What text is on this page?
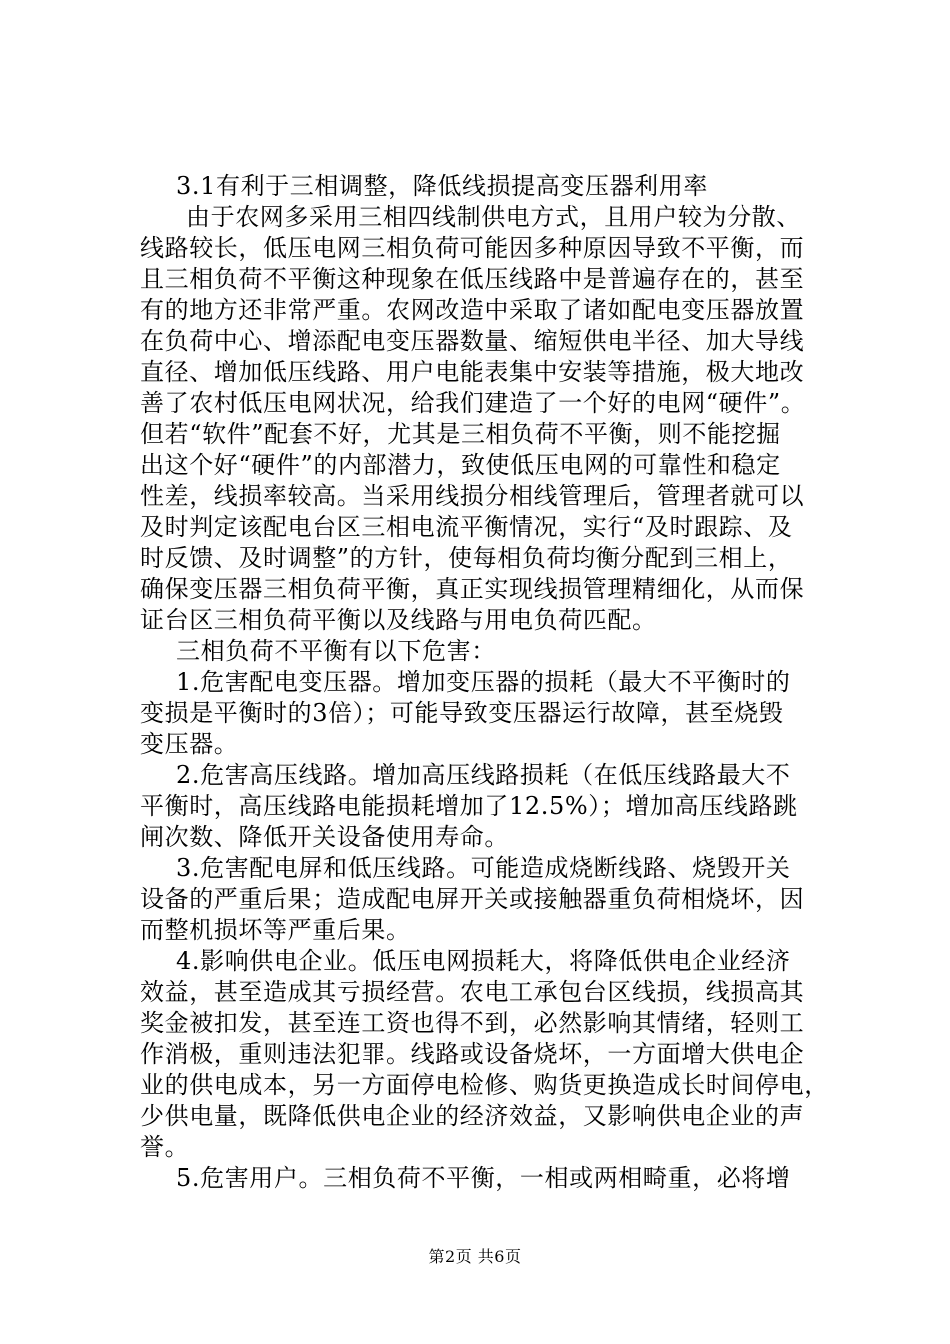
3.1有利于三相调整，降低线损提高变压器利用率
由于农网多采用三相四线制供电方式，且用户较为分散、
线路较长，低压电网三相负荷可能因多种原因导致不平衡，而
且三相负荷不平衡这种现象在低压线路中是普遍存在的，甚至
有的地方还非常严重。农网改造中采取了诸如配电变压器放置
在负荷中心、增添配电变压器数量、缩短供电半径、加大导线
直径、增加低压线路、用户电能表集中安装等措施，极大地改
善了农村低压电网状况，给我们建造了一个好的电网“硬件”。
但若“软件”配套不好，尤其是三相负荷不平衡，则不能挖掘
出这个好“硬件”的内部潜力，致使低压电网的可靠性和稳定
性差，线损率较高。当采用线损分相线管理后，管理者就可以
及时判定该配电台区三相电流平衡情况，实行“及时跟踪、及
时反馈、及时调整”的方针，使每相负荷均衡分配到三相上，
确保变压器三相负荷平衡，真正实现线损管理精细化，从而保
证台区三相负荷平衡以及线路与用电负荷匹配。
三相负荷不平衡有以下危害：
1.危害配电变压器。增加变压器的损耗（最大不平衡时的
变损是平衡时的3倍）；可能导致变压器运行故障，甚至烧毁
变压器。
2.危害高压线路。增加高压线路损耗（在低压线路最大不
平衡时，高压线路电能损耗增加了12.5%）；增加高压线路跳
闸次数、降低开关设备使用寿命。
3.危害配电屏和低压线路。可能造成烧断线路、烧毁开关
设备的严重后果；造成配电屏开关或接触器重负荷相烧坏，因
而整机损坏等严重后果。
4.影响供电企业。低压电网损耗大，将降低供电企业经济
效益，甚至造成其亏损经营。农电工承包台区线损，线损高其
奖金被扣发，甚至连工资也得不到，必然影响其情绪，轻则工
作消极，重则违法犯罪。线路或设备烧坏，一方面增大供电企
业的供电成本，另一方面停电检修、购货更换造成长时间停电，
少供电量，既降低供电企业的经济效益，又影响供电企业的声
誉。
5.危害用户。三相负荷不平衡，一相或两相畸重，必将增
第2页 共6页
